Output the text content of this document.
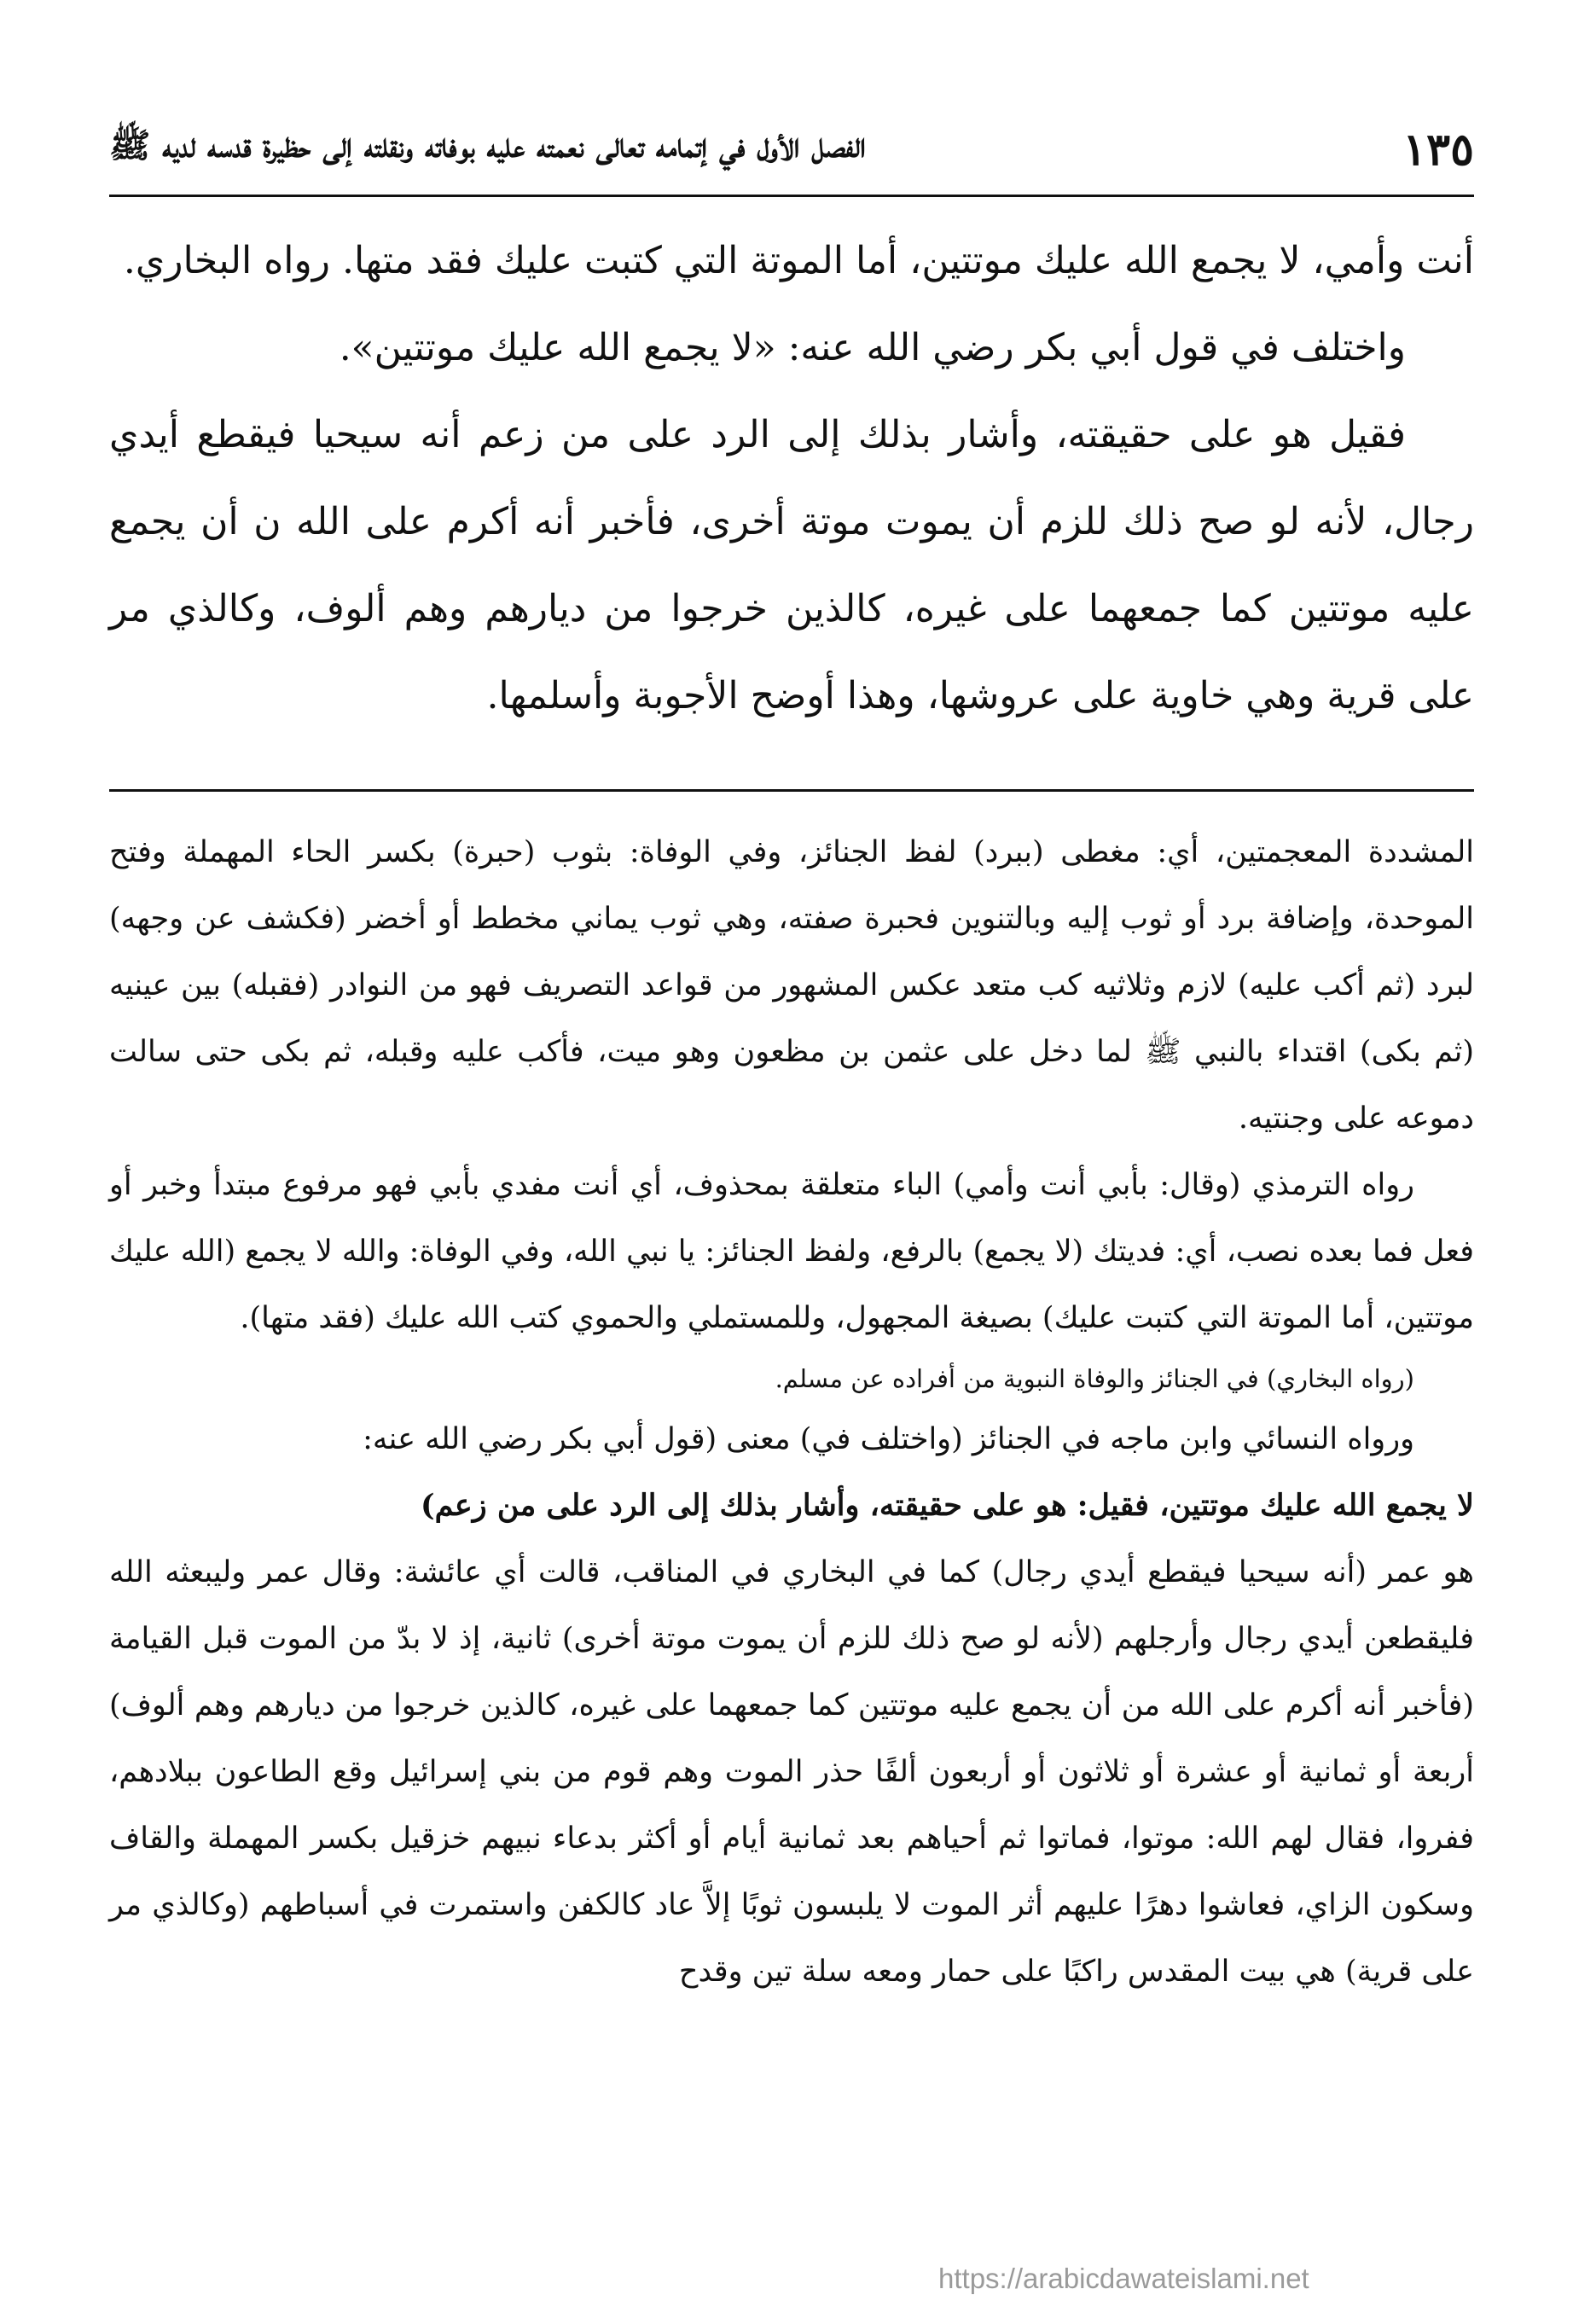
الفصل الأول في إتمامه تعالى نعمته عليه بوفاته ونقلته إلى حظيرة قدسه لديه ﷺ	١٣٥

أنت وأمي، لا يجمع الله عليك موتتين، أما الموتة التي كتبت عليك فقد متها. رواه البخاري.

واختلف في قول أبي بكر رضي الله عنه: «لا يجمع الله عليك موتتين».

فقيل هو على حقيقته، وأشار بذلك إلى الرد على من زعم أنه سيحيا فيقطع أيدي رجال، لأنه لو صح ذلك للزم أن يموت موتة أخرى، فأخبر أنه أكرم على الله ن أن يجمع عليه موتتين كما جمعهما على غيره، كالذين خرجوا من ديارهم وهم ألوف، وكالذي مر على قرية وهي خاوية على عروشها، وهذا أوضح الأجوبة وأسلمها.

المشددة المعجمتين، أي: مغطى (ببرد) لفظ الجنائز، وفي الوفاة: بثوب (حبرة) بكسر الحاء المهملة وفتح الموحدة، وإضافة برد أو ثوب إليه وبالتنوين فحبرة صفته، وهي ثوب يماني مخطط أو أخضر (فكشف عن وجهه) لبرد (ثم أكب عليه) لازم وثلاثيه كب متعد عكس المشهور من قواعد التصريف فهو من النوادر (فقبله) بين عينيه (ثم بكى) اقتداء بالنبي ﷺ لما دخل على عثمن بن مظعون وهو ميت، فأكب عليه وقبله، ثم بكى حتى سالت دموعه على وجنتيه.

رواه الترمذي (وقال: بأبي أنت وأمي) الباء متعلقة بمحذوف، أي أنت مفدي بأبي فهو مرفوع مبتدأ وخبر أو فعل فما بعده نصب، أي: فديتك (لا يجمع) بالرفع، ولفظ الجنائز: يا نبي الله، وفي الوفاة: والله لا يجمع (الله عليك موتتين، أما الموتة التي كتبت عليك) بصيغة المجهول، وللمستملي والحموي كتب الله عليك (فقد متها).

(رواه البخاري) في الجنائز والوفاة النبوية من أفراده عن مسلم.

ورواه النسائي وابن ماجه في الجنائز (واختلف في) معنى (قول أبي بكر رضي الله عنه:

لا يجمع الله عليك موتتين، فقيل: هو على حقيقته، وأشار بذلك إلى الرد على من زعم)

هو عمر (أنه سيحيا فيقطع أيدي رجال) كما في البخاري في المناقب، قالت أي عائشة: وقال عمر وليبعثه الله فليقطعن أيدي رجال وأرجلهم (لأنه لو صح ذلك للزم أن يموت موتة أخرى) ثانية، إذ لا بدّ من الموت قبل القيامة (فأخبر أنه أكرم على الله من أن يجمع عليه موتتين كما جمعهما على غيره، كالذين خرجوا من ديارهم وهم ألوف) أربعة أو ثمانية أو عشرة أو ثلاثون أو أربعون ألفًا حذر الموت وهم قوم من بني إسرائيل وقع الطاعون ببلادهم، ففروا، فقال لهم الله: موتوا، فماتوا ثم أحياهم بعد ثمانية أيام أو أكثر بدعاء نبيهم خزقيل بكسر المهملة والقاف وسكون الزاي، فعاشوا دهرًا عليهم أثر الموت لا يلبسون ثوبًا إلاَّ عاد كالكفن واستمرت في أسباطهم (وكالذي مر على قرية) هي بيت المقدس راكبًا على حمار ومعه سلة تين وقدح

https://arabicdawateislami.net
